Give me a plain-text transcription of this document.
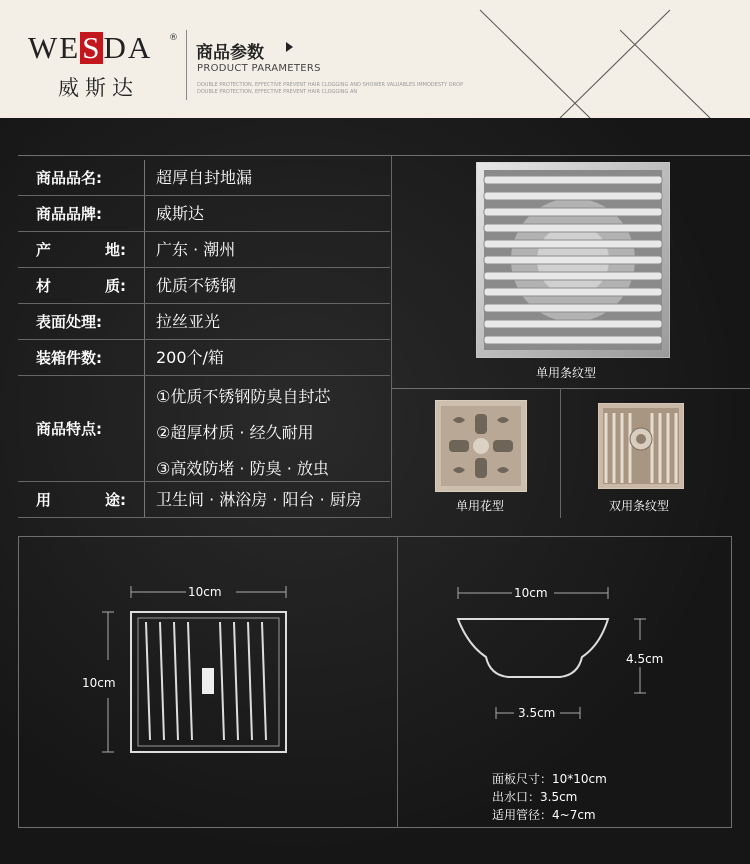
WESDA ®
威斯达
商品参数
PRODUCT PARAMETERS
DOUBLE PROTECTION, EFFECTIVE PREVENT HAIR CLOGGING AND SHOWER VALUABLES IMMODESTY DROP
DOUBLE PROTECTION, EFFECTIVE PREVENT HAIR CLOGGING AN
商品品名:	超厚自封地漏
商品品牌:	威斯达
产	地: 广东 · 潮州
材	质: 优质不锈钢
表面处理:	拉丝亚光
装箱件数:	200个/箱
商品特点:
①优质不锈钢防臭自封芯
②超厚材质 · 经久耐用
③高效防堵 · 防臭 · 放虫
用	途: 卫生间 · 淋浴房 · 阳台 · 厨房
单用条纹型
单用花型	双用条纹型
10cm
10cm
10cm
4.5cm
3.5cm
面板尺寸：10*10cm
出水口：3.5cm
适用管径：4~7cm
